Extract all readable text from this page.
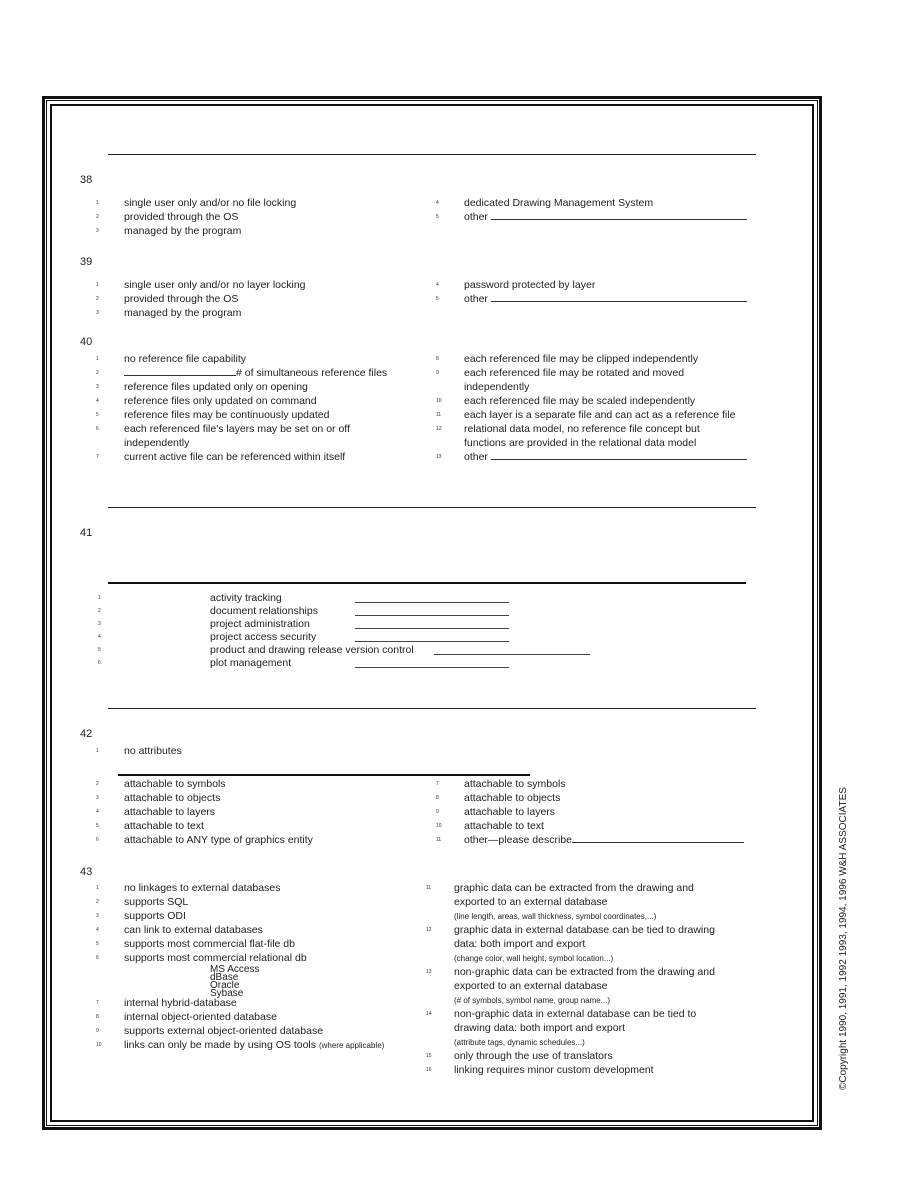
38
1	single user only and/or no file locking
2	provided through the OS
3	managed by the program
4	dedicated Drawing Management System
5	other
39
1	single user only and/or no layer locking
2	provided through the OS
3	managed by the program
4	password protected by layer
5	other
40
1	no reference file capability
2	# of simultaneous reference files
3	reference files updated only on opening
4	reference files only updated on command
5	reference files may be continuously updated
6	each referenced file's layers may be set on or off
independently
7	current active file can be referenced within itself
8	each referenced file may be clipped independently
9	each referenced file may be rotated and moved
independently
10	each referenced file may be scaled independently
11	each layer is a separate file and can act as a reference file
12	relational data model, no reference file concept but
functions are provided in the relational data model
13	other
41
1	activity tracking
2	document relationships
3	project administration
4	project access security
5	product and drawing release version control
6	plot management
42
1	no attributes
2	attachable to symbols
3	attachable to objects
4	attachable to layers
5	attachable to text
6	attachable to ANY type of graphics entity
7	attachable to symbols
8	attachable to objects
9	attachable to layers
10	attachable to text
11	other—please describe
43
1	no linkages to external databases
2	supports SQL
3	supports ODI
4	can link to external databases
5	supports most commercial flat-file db
6	supports most commercial relational db
MS Access
dBase
Oracle
Sybase
7	internal hybrid-database
8	internal object-oriented database
9	supports external object-oriented database
10	links can only be made by using OS tools (where applicable)
11	graphic data can be extracted from the drawing and
exported to an external database
(line length, areas, wall thickness, symbol coordinates,...)
12	graphic data in external database can be tied to drawing
data: both import and export
(change color, wall height, symbol location...)
13	non-graphic data can be extracted from the drawing and
exported to an external database
(# of symbols, symbol name, group name...)
14	non-graphic data in external database can be tied to
drawing data: both import and export
(attribute tags, dynamic schedules...)
15	only through the use of translators
16	linking requires minor custom development	©Copyright 1990, 1991, 1992 1993, 1994, 1996 W&H ASSOCIATES
